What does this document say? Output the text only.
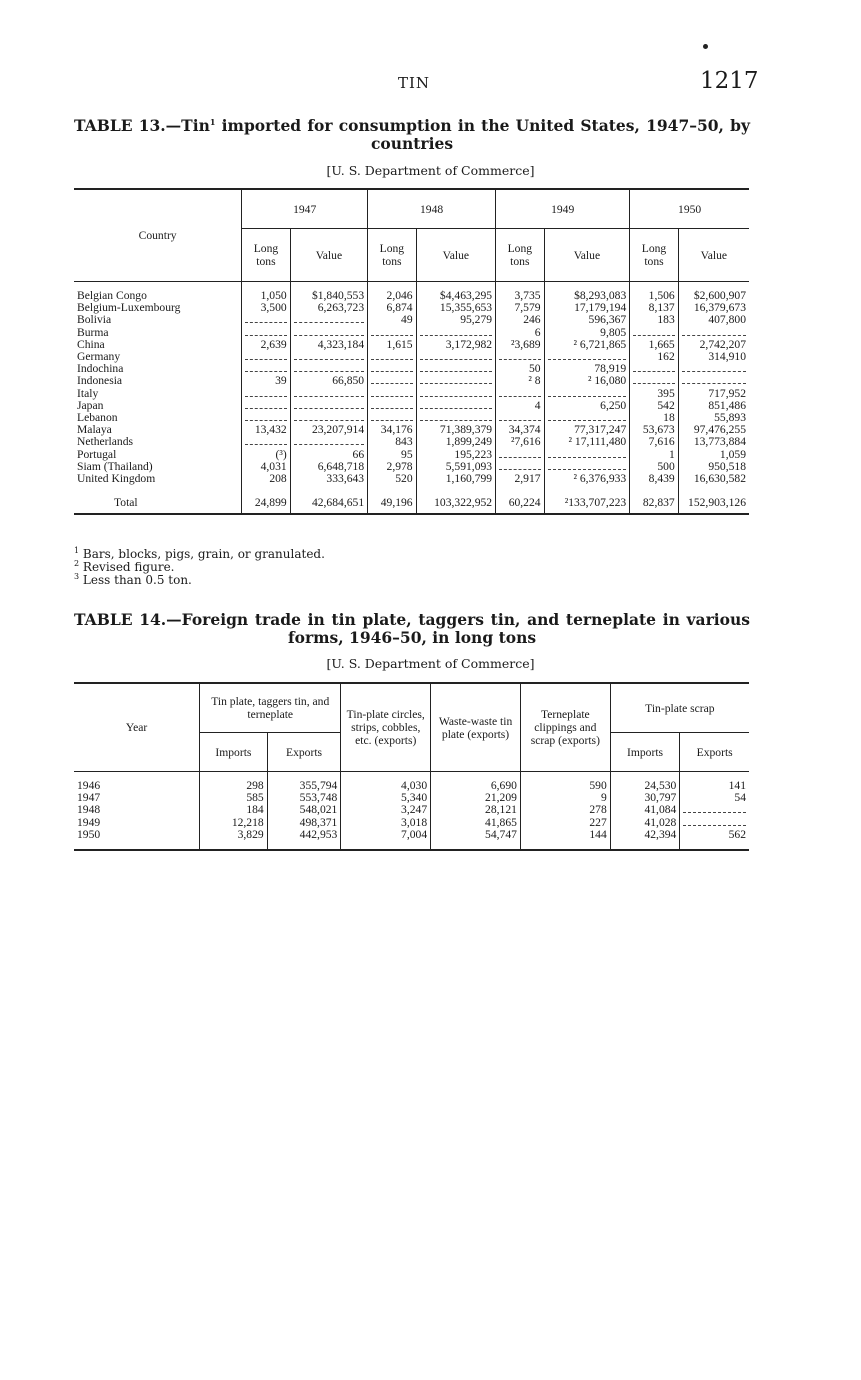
TIN	1217
TABLE 13.—Tin$^1$ imported for consumption in the United States, 1947–50, by
countries
[U. S. Department of Commerce]
Country	1947		1948		1949		1950	
	Long tons	Value	Long tons	Value	Long tons	Value	Long tons	Value

Belgian Congo	1,050	$1,840,553	2,046	$4,463,295	3,735	$8,293,083	1,506	$2,600,907
Belgium-Luxembourg	3,500	6,263,723	6,874	15,355,653	7,579	17,179,194	8,137	16,379,673
Bolivia			49	95,279	246	596,367	183	407,800
Burma					6	9,805		
China	2,639	4,323,184	1,615	3,172,982	²3,689	² 6,721,865	1,665	2,742,207
Germany							162	314,910
Indochina					50	78,919		
Indonesia	39	66,850			² 8	² 16,080		
Italy							395	717,952
Japan					4	6,250	542	851,486
Lebanon							18	55,893
Malaya	13,432	23,207,914	34,176	71,389,379	34,374	77,317,247	53,673	97,476,255
Netherlands			843	1,899,249	²7,616	² 17,111,480	7,616	13,773,884
Portugal	(³)	66	95	195,223			1	1,059
Siam (Thailand)	4,031	6,648,718	2,978	5,591,093			500	950,518
United Kingdom	208	333,643	520	1,160,799	2,917	² 6,376,933	8,439	16,630,582

Total	24,899	42,684,651	49,196	103,322,952	60,224	²133,707,223	82,837	152,903,126
$^1$ Bars, blocks, pigs, grain, or granulated.
$^2$ Revised figure.
$^3$ Less than 0.5 ton.
TABLE 14.—Foreign trade in tin plate, taggers tin, and terneplate in various
forms, 1946–50, in long tons
[U. S. Department of Commerce]
Year	Tin plate, taggers tin, and terneplate		Tin-plate circles, strips, cobbles, etc. (exports)	Waste-waste tin plate (exports)	Terneplate clippings and scrap (exports)	Tin-plate scrap	
	Imports	Exports				Imports	Exports

1946	298	355,794	4,030	6,690	590	24,530	141
1947	585	553,748	5,340	21,209	9	30,797	54
1948	184	548,021	3,247	28,121	278	41,084	
1949	12,218	498,371	3,018	41,865	227	41,028	
1950	3,829	442,953	7,004	54,747	144	42,394	562
